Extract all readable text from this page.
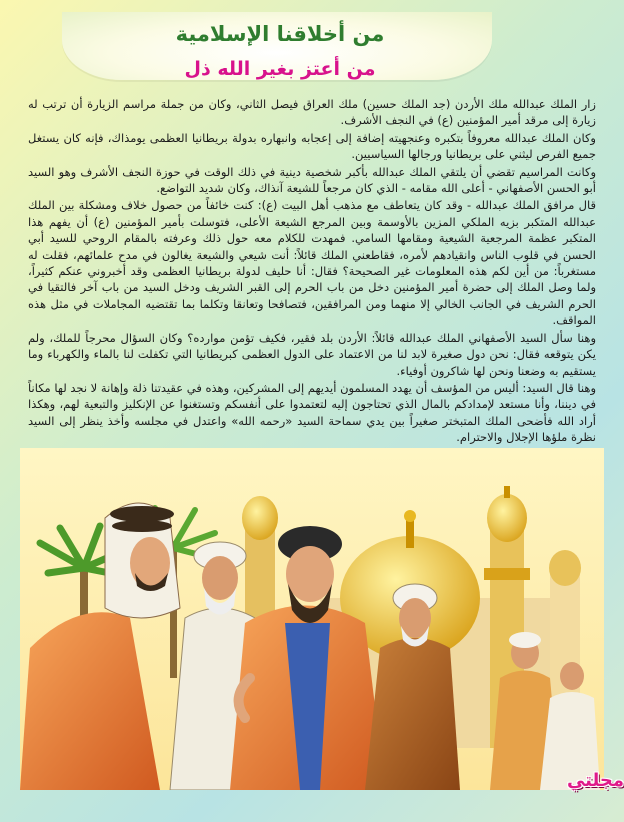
من أخلاقنا الإسلامية
من أعتز بغير الله ذل

زار الملك عبدالله ملك الأردن (جد الملك حسين) ملك العراق فيصل الثاني، وكان من جملة مراسم الزيارة أن ترتب له زيارة إلى مرقد أمير المؤمنين (ع) في النجف الأشرف.

وكان الملك عبدالله معروفاً بتكبره وعنجهيته إضافة إلى إعجابه وانبهاره بدولة بريطانيا العظمى يومذاك، فإنه كان يستغل جميع الفرص ليثني على بريطانيا ورجالها السياسيين.

وكانت المراسيم تقضي أن يلتقي الملك عبدالله بأكبر شخصية دينية في ذلك الوقت في حوزة النجف الأشرف وهو السيد أبو الحسن الأصفهاني - أعلى الله مقامه - الذي كان مرجعاً للشيعة آنذاك، وكان شديد التواضع.

قال مرافق الملك عبدالله - وقد كان يتعاطف مع مذهب أهل البيت (ع): كنت خائفاً من حصول خلاف ومشكلة بين الملك عبدالله المتكبر بزيه الملكي المزين بالأوسمة وبين المرجع الشيعة الأعلى، فتوسلت بأمير المؤمنين (ع) أن يفهم هذا المتكبر عظمة المرجعية الشيعية ومقامها السامي. فمهدت للكلام معه حول ذلك وعرفته بالمقام الروحي للسيد أبي الحسن في قلوب الناس وانقيادهم لأمره، فقاطعني الملك قائلاً: أنت شيعي والشيعة يغالون في مدح علمائهم، فقلت له مستغرباً: من أين لكم هذه المعلومات غير الصحيحة؟ فقال: أنا حليف لدولة بريطانيا العظمى وقد أخبروني عنكم كثيراً، ولما وصل الملك إلى حضرة أمير المؤمنين دخل من باب الحرم إلى القبر الشريف ودخل السيد من باب آخر فالتقيا في الحرم الشريف في الجانب الخالي إلا منهما ومن المرافقين، فتصافحا وتعانقا وتكلما بما تقتضيه المجاملات في مثل هذه المواقف.

وهنا سأل السيد الأصفهاني الملك عبدالله قائلاً: الأردن بلد فقير، فكيف تؤمن موارده؟ وكان السؤال محرجاً للملك، ولم يكن يتوقعه فقال: نحن دول صغيرة لابد لنا من الاعتماد على الدول العظمى كبريطانيا التي تكفلت لنا بالماء والكهرباء وما يستقيم به وضعنا ونحن لها شاكرون أوفياء.

وهنا قال السيد: أليس من المؤسف أن يهدد المسلمون أيديهم إلى المشركين، وهذه في عقيدتنا ذلة وإهانة لا نجد لها مكاناً في ديننا، وأنا مستعد لإمدادكم بالمال الذي تحتاجون إليه لتعتمدوا على أنفسكم وتستغنوا عن الإنكليز والتبعية لهم، وهكذا أراد الله فأضحى الملك المتبختر صغيراً بين يدي سماحة السيد «رحمه الله» واعتدل في مجلسه وأخذ ينظر إلى السيد نظرة ملؤها الإجلال والاحترام.

مجلتي
